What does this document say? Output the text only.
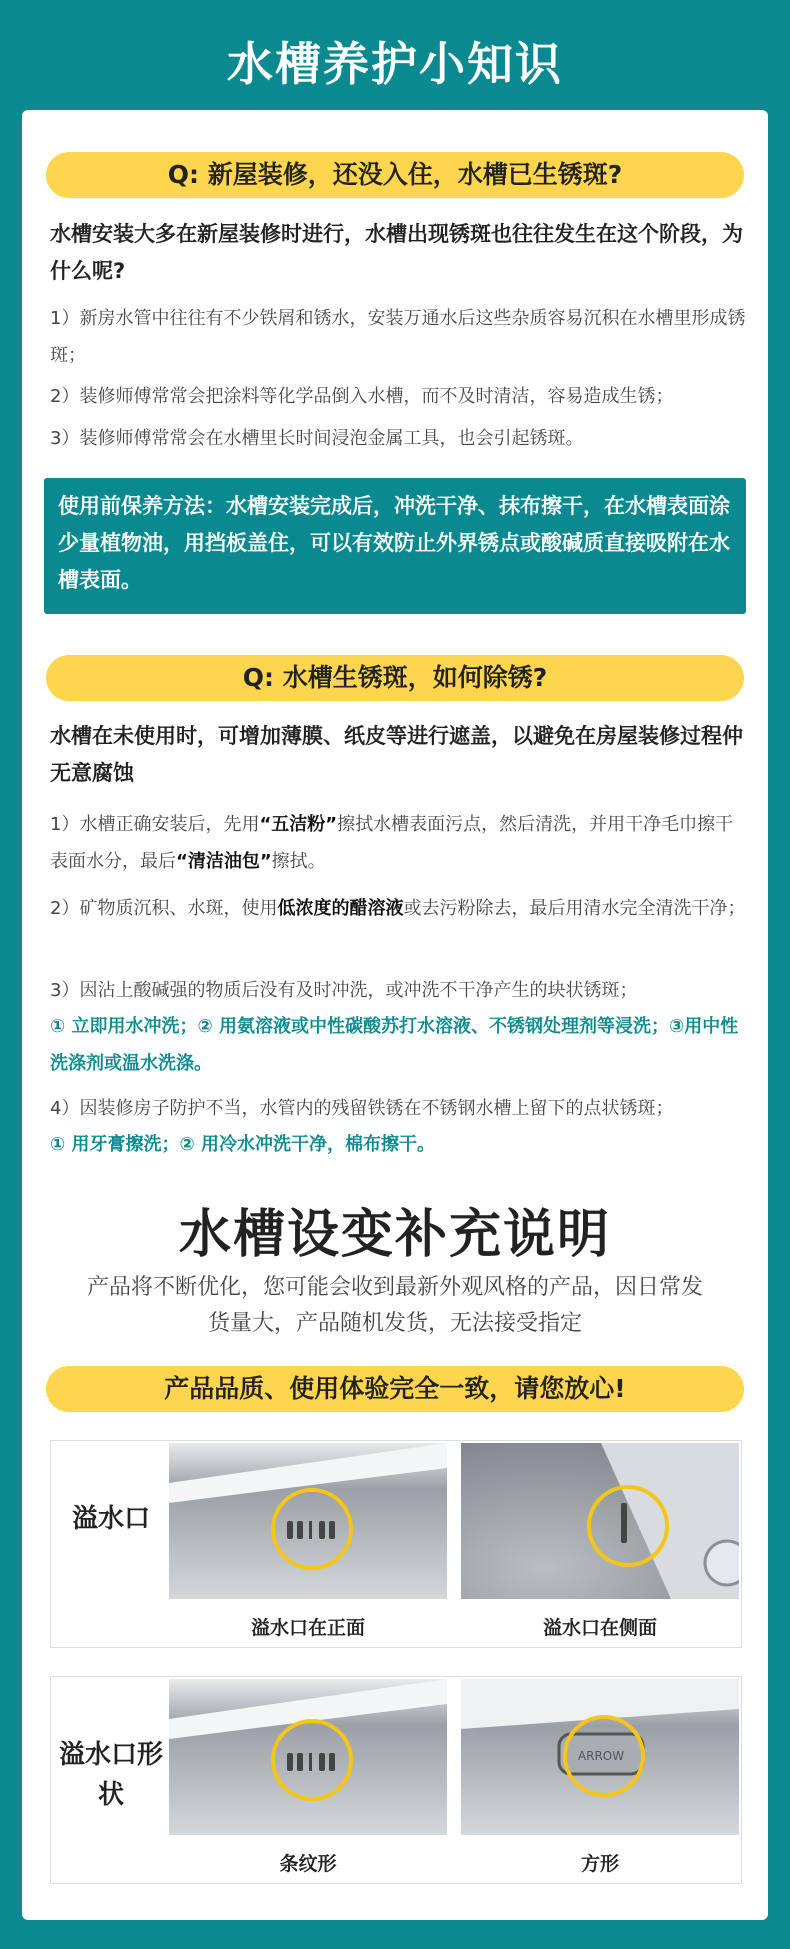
水槽养护小知识
Q: 新屋装修，还没入住，水槽已生锈斑?
水槽安装大多在新屋装修时进行，水槽出现锈斑也往往发生在这个阶段，为什么呢?
1）新房水管中往往有不少铁屑和锈水，安装万通水后这些杂质容易沉积在水槽里形成锈斑；
2）装修师傅常常会把涂料等化学品倒入水槽，而不及时清洁，容易造成生锈；
3）装修师傅常常会在水槽里长时间浸泡金属工具，也会引起锈斑。
使用前保养方法：水槽安装完成后，冲洗干净、抹布擦干，在水槽表面涂少量植物油，用挡板盖住，可以有效防止外界锈点或酸碱质直接吸附在水槽表面。
Q: 水槽生锈斑，如何除锈?
水槽在未使用时，可增加薄膜、纸皮等进行遮盖，以避免在房屋装修过程仲无意腐蚀
1）水槽正确安装后，先用“五洁粉”擦拭水槽表面污点，然后清洗，并用干净毛巾擦干表面水分，最后“清洁油包”擦拭。
2）矿物质沉积、水斑，使用低浓度的醋溶液或去污粉除去，最后用清水完全清洗干净；
3）因沾上酸碱强的物质后没有及时冲洗，或冲洗不干净产生的块状锈斑；
① 立即用水冲洗；② 用氨溶液或中性碳酸苏打水溶液、不锈钢处理剂等浸洗；③用中性洗涤剂或温水洗涤。
4）因装修房子防护不当，水管内的残留铁锈在不锈钢水槽上留下的点状锈斑；
① 用牙膏擦洗；② 用冷水冲洗干净，棉布擦干。
水槽设变补充说明
产品将不断优化，您可能会收到最新外观风格的产品，因日常发货量大，产品随机发货，无法接受指定
产品品质、使用体验完全一致，请您放心!
溢水口
溢水口在正面	溢水口在侧面
溢水口形状
条纹形
ARROW
方形
